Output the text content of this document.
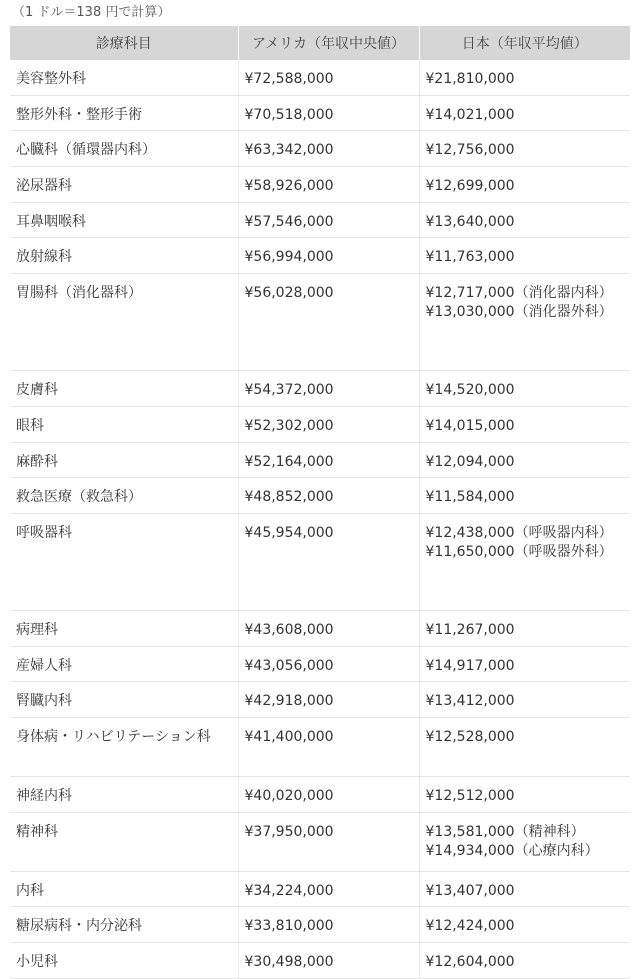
（1 ドル＝138 円で計算）
診療科目	アメリカ（年収中央値）	日本（年収平均値）
美容整外科	¥72,588,000	¥21,810,000

整形外科・整形手術	¥70,518,000	¥14,021,000

心臓科（循環器内科）	¥63,342,000	¥12,756,000

泌尿器科	¥58,926,000	¥12,699,000

耳鼻咽喉科	¥57,546,000	¥13,640,000

放射線科	¥56,994,000	¥11,763,000

胃腸科（消化器科）	¥56,028,000	¥12,717,000（消化器内科）
¥13,030,000（消化器外科）

皮膚科	¥54,372,000	¥14,520,000

眼科	¥52,302,000	¥14,015,000

麻酔科	¥52,164,000	¥12,094,000

救急医療（救急科）	¥48,852,000	¥11,584,000

呼吸器科	¥45,954,000	¥12,438,000（呼吸器内科）
¥11,650,000（呼吸器外科）

病理科	¥43,608,000	¥11,267,000

産婦人科	¥43,056,000	¥14,917,000

腎臓内科	¥42,918,000	¥13,412,000

身体病・リハビリテーション科	¥41,400,000	¥12,528,000

神経内科	¥40,020,000	¥12,512,000

精神科	¥37,950,000	¥13,581,000（精神科）
¥14,934,000（心療内科）

内科	¥34,224,000	¥13,407,000

糖尿病科・内分泌科	¥33,810,000	¥12,424,000

小児科	¥30,498,000	¥12,604,000
